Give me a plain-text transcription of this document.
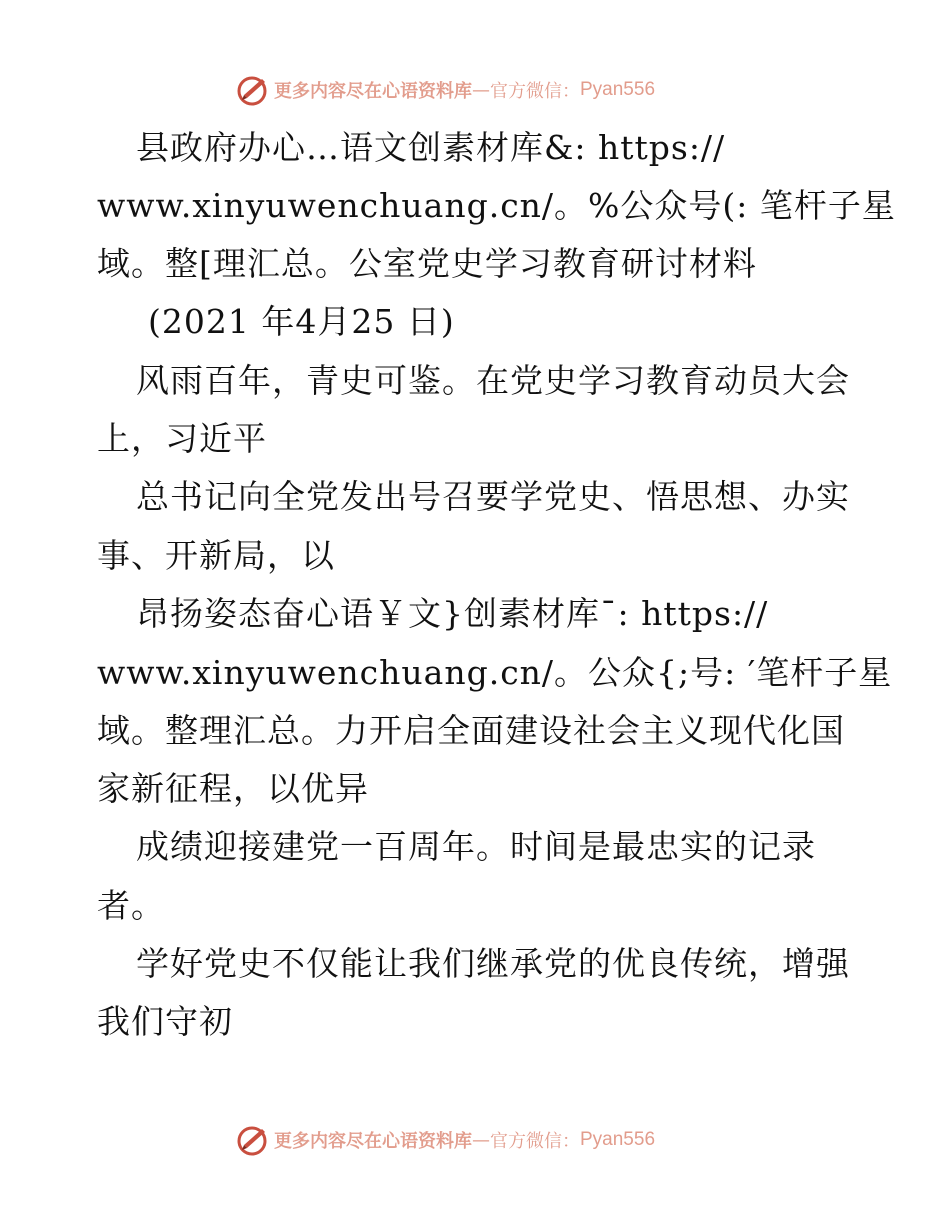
更多内容尽在心语资料库 — 官方微信： Pyan556
县政府办心…语文创素材库&: https://
www.xinyuwenchuang.cn/。%公众号(: 笔杆子星
域。整[理汇总。公室党史学习教育研讨材料
(2021 年4月25 日)
风雨百年，青史可鉴。在党史学习教育动员大会
上，习近平
总书记向全党发出号召要学党史、悟思想、办实
事、开新局，以
昂扬姿态奋心语￥文}创素材库¯: https://
www.xinyuwenchuang.cn/。公众{;号: ′笔杆子星
域。整理汇总。力开启全面建设社会主义现代化国
家新征程，以优异
成绩迎接建党一百周年。时间是最忠实的记录
者。
学好党史不仅能让我们继承党的优良传统，增强
我们守初
更多内容尽在心语资料库 — 官方微信： Pyan556
